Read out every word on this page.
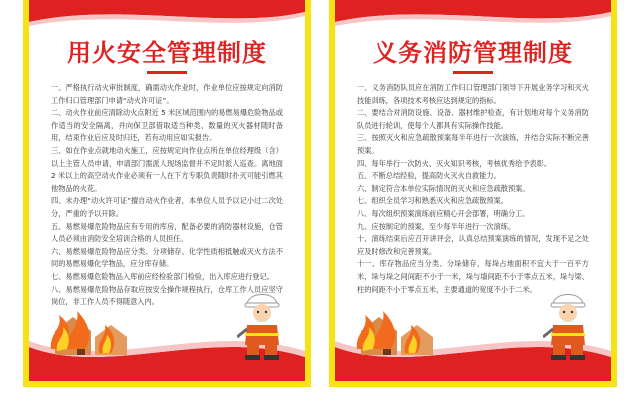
用火安全管理制度

一、严格执行动火审批制度，确需动火作业时，作业单位应按规定向消防工作归口管理部门申请“动火许可证”。

二、动火作业前应清除动火点附近 5 米区域范围内的易燃易爆危险物品或作适当的安全隔离，并向保卫部借取适当种类、数量的灭火器材随时备用，结束作业后应及时归还，若有动用应如实报告。

三、如在作业点就地动火施工，应按规定向作业点所在单位经理级（含）以上主管人员申请，申请部门需派人现场监督并不定时派人巡查。离地面 2 米以上的高空动火作业必须有一人在下方专职负责随时扑灭可能引燃其他物品的火花。

四、未办理“动火许可证”擅自动火作业者，本单位人员予以记小过二次处分，严重的予以开除。

五、易燃易爆危险物品应有专用的库房，配备必要的消防器材设施，仓管人员必须由消防安全培训合格的人员担任。

六、易燃易爆危险物品应分类、分项储存。化学性质相抵触或灭火方法不同的易燃易爆化学物品，应分库存储。

七、易燃易爆危险物品入库前应经检验部门检验，出入库应进行登记。

八、易燃易爆危险物品存取应按安全操作规程执行，仓库工作人员应坚守岗位，非工作人员不得随意入内。

义务消防管理制度

一、义务消防队员应在消防工作归口管理部门领导下开展业务学习和灭火技能训练，各项技术考核应达到规定的指标。

二、要结合对消防设施、设备、器材维护检查，有计划地对每个义务消防队员进行轮训，使每个人都具有实际操作技能。

三、按照灭火和应急疏散预案每半年进行一次演练，并结合实际不断完善预案。

四、每年举行一次防火、灭火知识考核，考核优秀给予表彰。

五、不断总结经验，提高防火灭火自救能力。

六、制定符合本单位实际情况的灭火和应急疏散预案。

七、组织全员学习和熟悉灭火和应急疏散预案。

八、每次组织预案演练前应精心开会部署，明确分工。

九、应按制定的预案，至少每半年进行一次演练。

十、演练结束后应召开讲评会，认真总结预案演练的情况，发现不足之处应及时修改和完善预案。

十一、库存物品应当分类、分垛储存，每垛占地面积不宜大于一百平方米，垛与垛之间间距不小于一米，垛与墙间距不小于零点五米，垛与梁、柱的间距不小于零点五米，主要通道的宽度不小于二米。
